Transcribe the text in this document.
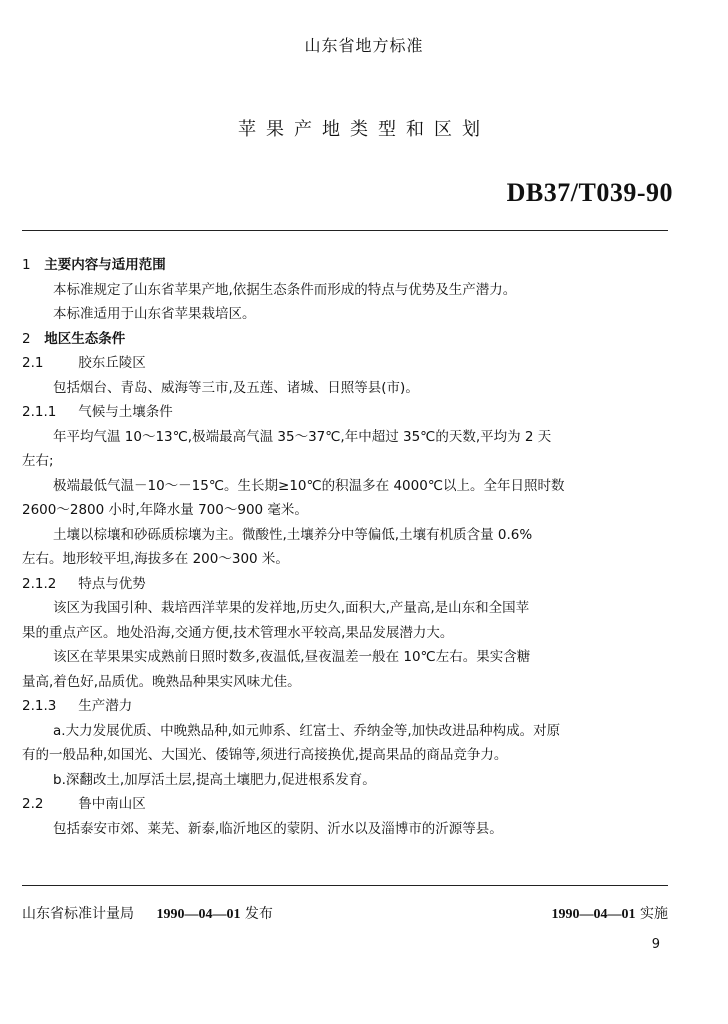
山东省地方标准
苹果产地类型和区划
DB37/T039-90
1 主要内容与适用范围
本标准规定了山东省苹果产地,依据生态条件而形成的特点与优势及生产潜力。
本标准适用于山东省苹果栽培区。
2 地区生态条件
2.1	胶东丘陵区
包括烟台、青岛、威海等三市,及五莲、诸城、日照等县(市)。
2.1.1 气候与土壤条件
年平均气温 10～13℃,极端最高气温 35～37℃,年中超过 35℃的天数,平均为 2 天
左右;
极端最低气温－10～－15℃。生长期≥10℃的积温多在 4000℃以上。全年日照时数
2600～2800 小时,年降水量 700～900 毫米。
土壤以棕壤和砂砾质棕壤为主。微酸性,土壤养分中等偏低,土壤有机质含量 0.6%
左右。地形较平坦,海拔多在 200～300 米。
2.1.2 特点与优势
该区为我国引种、栽培西洋苹果的发祥地,历史久,面积大,产量高,是山东和全国苹
果的重点产区。地处沿海,交通方便,技术管理水平较高,果品发展潜力大。
该区在苹果果实成熟前日照时数多,夜温低,昼夜温差一般在 10℃左右。果实含糖
量高,着色好,品质优。晚熟品种果实风味尤佳。
2.1.3 生产潜力
a.大力发展优质、中晚熟品种,如元帅系、红富士、乔纳金等,加快改进品种构成。对原
有的一般品种,如国光、大国光、倭锦等,须进行高接换优,提高果品的商品竞争力。
b.深翻改土,加厚活土层,提高土壤肥力,促进根系发育。
2.2	鲁中南山区
包括泰安市郊、莱芜、新泰,临沂地区的蒙阴、沂水以及淄博市的沂源等县。
山东省标准计量局 1990—04—01 发布	1990—04—01 实施
9
